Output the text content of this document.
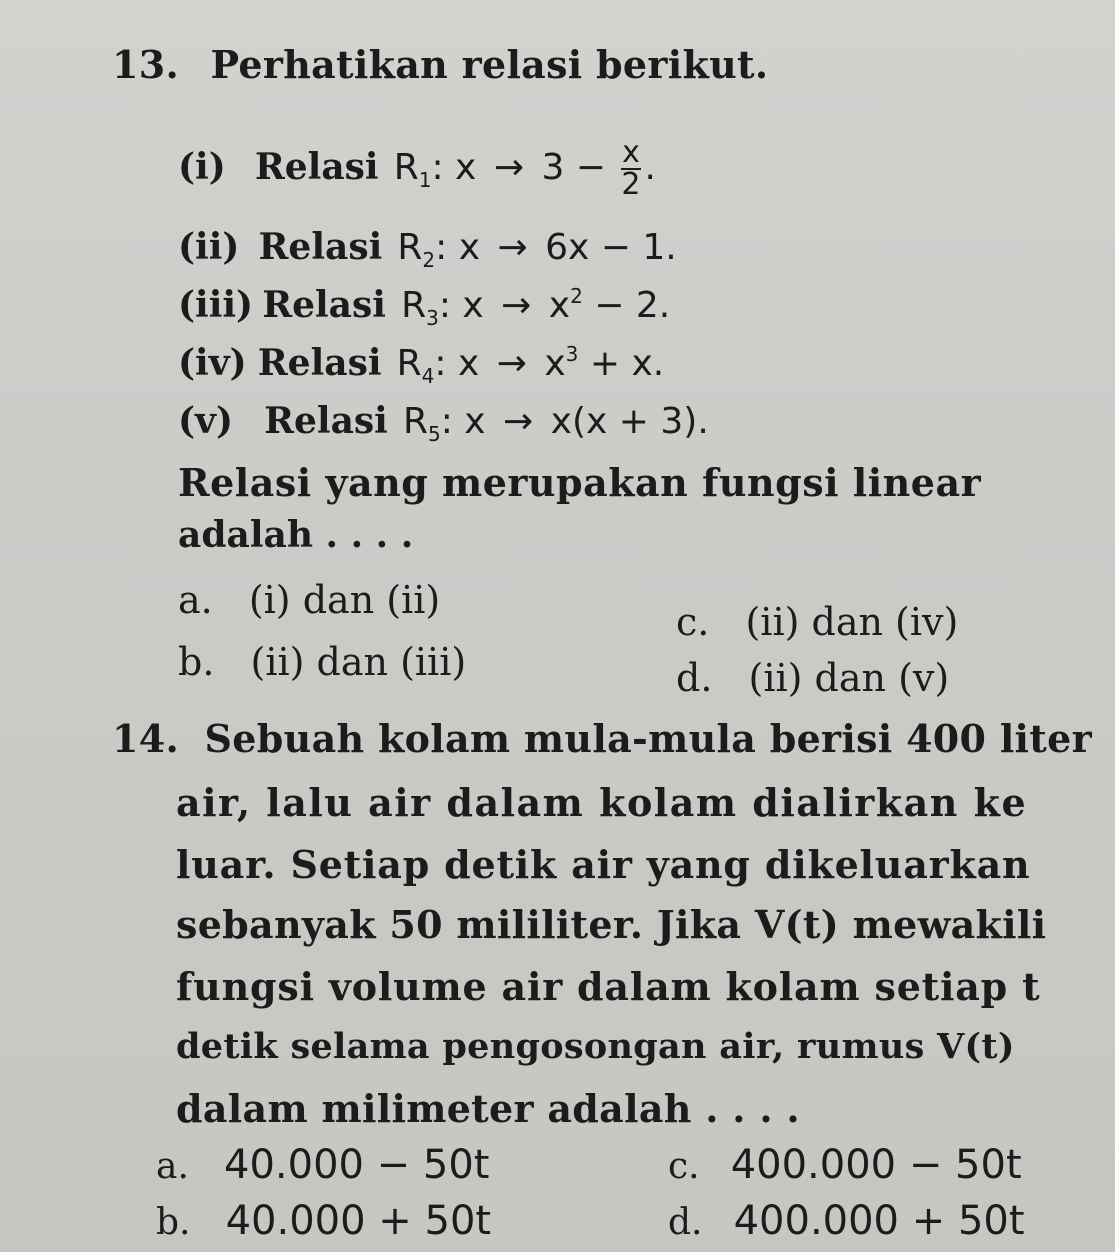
13. Perhatikan relasi berikut.
(i) Relasi $R_1$: $x \to 3 - \frac{x}{2}$ .
(ii) Relasi $R_2$: x → 6x − 1.
(iii) Relasi $R_3$: $x \to x^2 - 2$.
(iv) Relasi $R_4$: $x \to x^3 + x$.
(v) Relasi $R_5$: x → x(x + 3).
Relasi yang merupakan fungsi linear
adalah . . . .
a. (i) dan (ii)	c. (ii) dan (iv)
b. (ii) dan (iii)	d. (ii) dan (v)
14. Sebuah kolam mula-mula berisi 400 liter
air, lalu air dalam kolam dialirkan ke
luar. Setiap detik air yang dikeluarkan
sebanyak 50 mililiter. Jika V(t) mewakili
fungsi volume air dalam kolam setiap t
detik selama pengosongan air, rumus V(t)
dalam milimeter adalah . . . .
a. 40.000 − 50t	c. 400.000 − 50t
b. 40.000 + 50t	d. 400.000 + 50t
